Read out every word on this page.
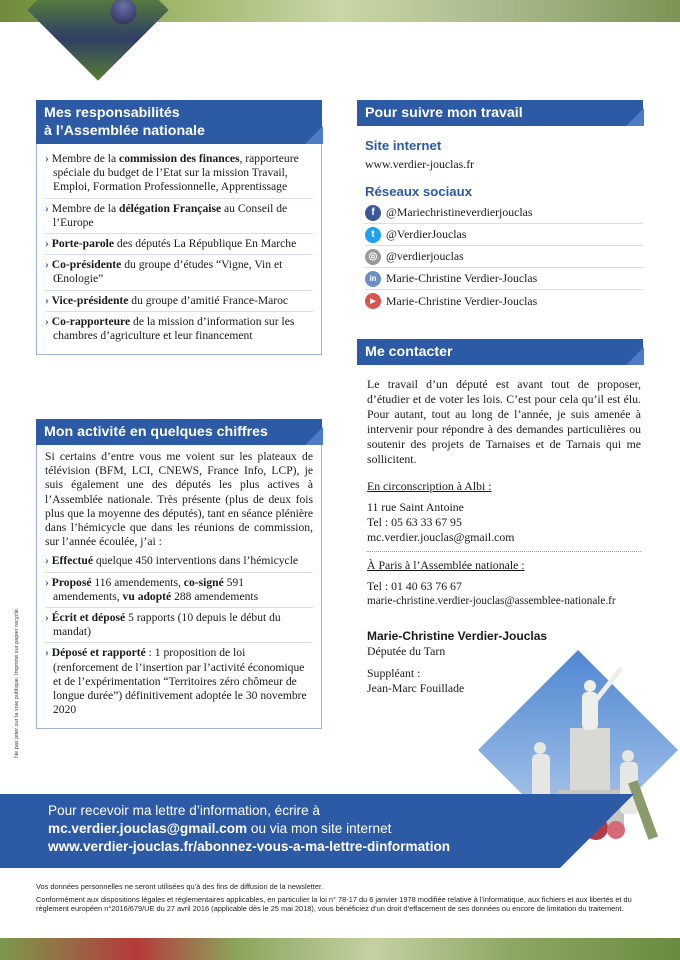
Ne pas jeter sur la voie publique. Imprimé sur papier recyclé.
Mes responsabilités
à l’Assemblée nationale
› Membre de la commission des finances, rapporteure spéciale du budget de l’Etat sur la mission Travail, Emploi, Formation Professionnelle, Apprentissage
› Membre de la délégation Française au Conseil de l’Europe
› Porte-parole des députés La République En Marche
› Co-présidente du groupe d’études “Vigne, Vin et Œnologie”
› Vice-présidente du groupe d’amitié France-Maroc
› Co-rapporteure de la mission d’information sur les chambres d’agriculture et leur financement
Mon activité en quelques chiffres

Si certains d’entre vous me voient sur les plateaux de télévision (BFM, LCI, CNEWS, France Info, LCP), je suis également une des députés les plus actives à l’Assemblée nationale. Très présente (plus de deux fois plus que la moyenne des députés), tant en séance plénière dans l’hémicycle que dans les réunions de commission, sur l’année écoulée, j’ai :

› Effectué quelque 450 interventions dans l’hémicycle
› Proposé 116 amendements, co-signé 591 amendements, vu adopté 288 amendements
› Écrit et déposé 5 rapports (10 depuis le début du mandat)
› Déposé et rapporté : 1 proposition de loi (renforcement de l’insertion par l’activité économique et de l’expérimentation “Territoires zéro chômeur de longue durée”) définitivement adoptée le 30 novembre 2020
Pour suivre mon travail
Site internet
www.verdier-jouclas.fr
Réseaux sociaux
f @Mariechristineverdierjouclas
t @VerdierJouclas
◎ @verdierjouclas
in Marie-Christine Verdier-Jouclas
▶ Marie-Christine Verdier-Jouclas
Me contacter

Le travail d’un député est avant tout de proposer, d’étudier et de voter les lois. C’est pour cela qu’il est élu. Pour autant, tout au long de l’année, je suis amenée à intervenir pour répondre à des demandes particulières ou soutenir des projets de Tarnaises et de Tarnais qui me sollicitent.

En circonscription à Albi :
11 rue Saint Antoine
Tel : 05 63 33 67 95
mc.verdier.jouclas@gmail.com
À Paris à l’Assemblée nationale :
Tel : 01 40 63 76 67
marie-christine.verdier-jouclas@assemblee-nationale.fr
Marie-Christine Verdier-Jouclas
Députée du Tarn
Suppléant :
Jean-Marc Fouillade
Pour recevoir ma lettre d’information, écrire à
mc.verdier.jouclas@gmail.com ou via mon site internet
www.verdier-jouclas.fr/abonnez-vous-a-ma-lettre-dinformation
Vos données personnelles ne seront utilisées qu’à des fins de diffusion de la newsletter.
Conformément aux dispositions légales et réglementaires applicables, en particulier la loi n° 78-17 du 6 janvier 1978 modifiée relative à l’informatique, aux fichiers et aux libertés et du règlement européen n°2016/679/UE du 27 avril 2016 (applicable dès le 25 mai 2018), vous bénéficiez d’un droit d’effacement de ses données ou encore de limitation du traitement.
